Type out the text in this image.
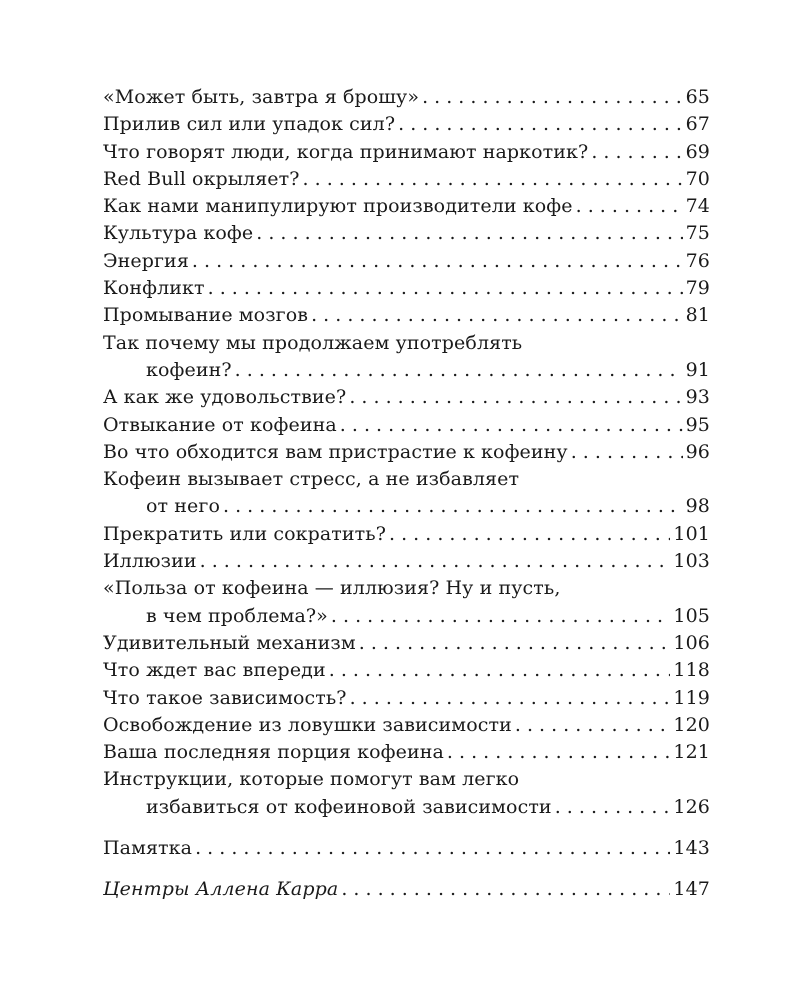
«Может быть, завтра я брошу» . . .	65
Прилив сил или упадок сил? . . .	67
Что говорят люди, когда принимают наркотик? . . .	69
Red Bull окрыляет? . . .	70
Как нами манипулируют производители кофе . . .	74
Культура кофе . . .	75
Энергия . . .	76
Конфликт . . .	79
Промывание мозгов . . .	81
Так почему мы продолжаем употреблять
кофеин? . . .	91
А как же удовольствие? . . .	93
Отвыкание от кофеина . . .	95
Во что обходится вам пристрастие к кофеину . . .	96
Кофеин вызывает стресс, а не избавляет
от него . . .	98
Прекратить или сократить? . . .	101
Иллюзии . . .	103
«Польза от кофеина — иллюзия? Ну и пусть,
в чем проблема?» . . .	105
Удивительный механизм . . .	106
Что ждет вас впереди . . .	118
Что такое зависимость? . . .	119
Освобождение из ловушки зависимости . . .	120
Ваша последняя порция кофеина . . .	121
Инструкции, которые помогут вам легко
избавиться от кофеиновой зависимости . . .	126
Памятка . . .	143
Центры Аллена Карра . . .	147
